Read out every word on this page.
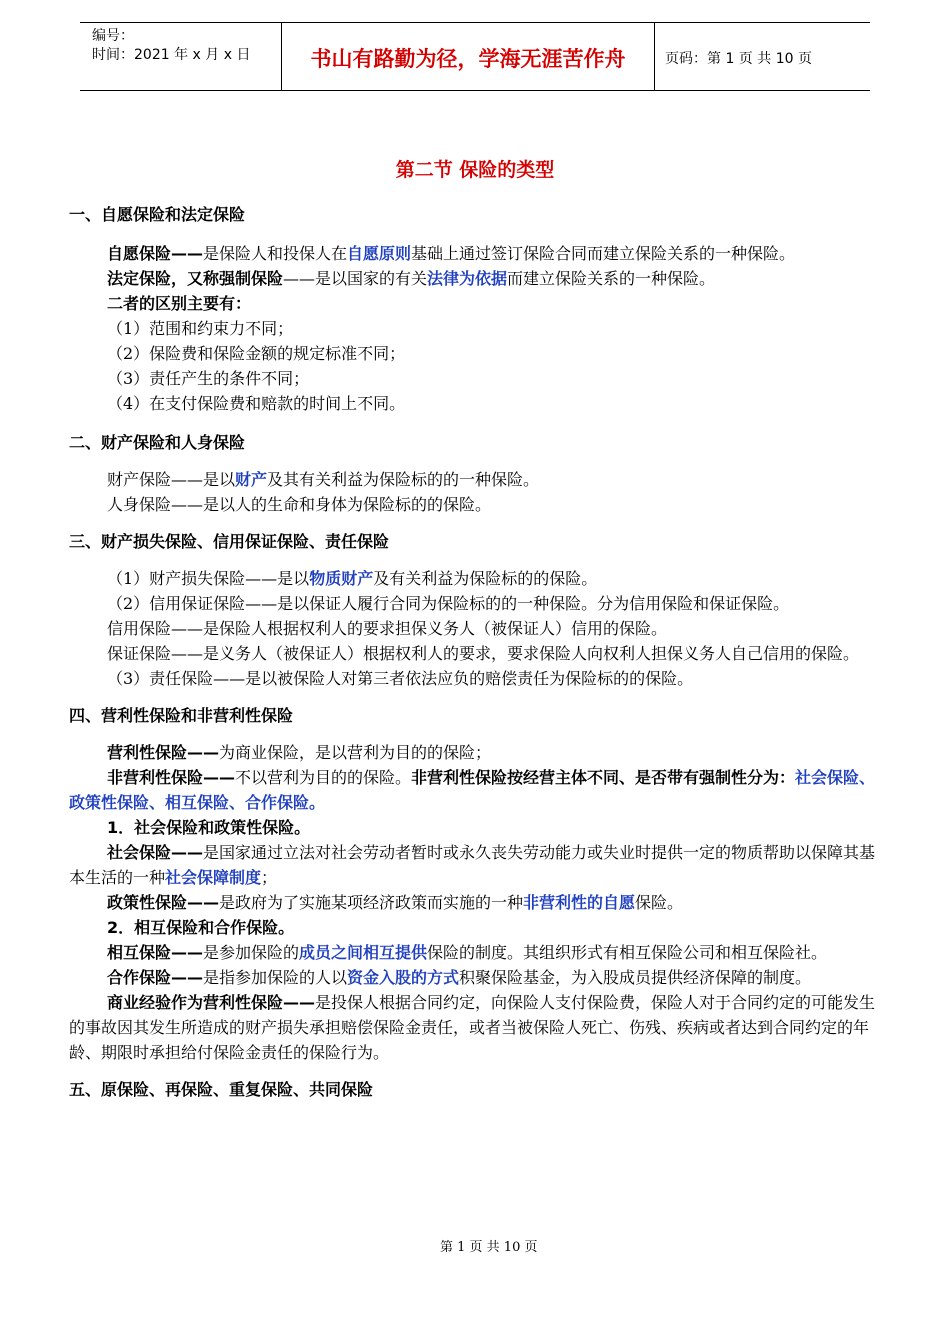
编号：
时间：2021 年 x 月 x 日	书山有路勤为径，学海无涯苦作舟	页码：第 1 页 共 10 页
第二节 保险的类型

一、自愿保险和法定保险

自愿保险——是保险人和投保人在自愿原则基础上通过签订保险合同而建立保险关系的一种保险。

法定保险，又称强制保险——是以国家的有关法律为依据而建立保险关系的一种保险。

二者的区别主要有：

（1）范围和约束力不同；

（2）保险费和保险金额的规定标准不同；

（3）责任产生的条件不同；

（4）在支付保险费和赔款的时间上不同。

二、财产保险和人身保险

财产保险——是以财产及其有关利益为保险标的的一种保险。

人身保险——是以人的生命和身体为保险标的的保险。

三、财产损失保险、信用保证保险、责任保险

（1）财产损失保险——是以物质财产及有关利益为保险标的的保险。

（2）信用保证保险——是以保证人履行合同为保险标的的一种保险。分为信用保险和保证保险。

信用保险——是保险人根据权利人的要求担保义务人（被保证人）信用的保险。

保证保险——是义务人（被保证人）根据权利人的要求，要求保险人向权利人担保义务人自己信用的保险。

（3）责任保险——是以被保险人对第三者依法应负的赔偿责任为保险标的的保险。

四、营利性保险和非营利性保险

营利性保险——为商业保险，是以营利为目的的保险；

非营利性保险——不以营利为目的的保险。非营利性保险按经营主体不同、是否带有强制性分为：社会保险、政策性保险、相互保险、合作保险。

1．社会保险和政策性保险。

社会保险——是国家通过立法对社会劳动者暂时或永久丧失劳动能力或失业时提供一定的物质帮助以保障其基本生活的一种社会保障制度；

政策性保险——是政府为了实施某项经济政策而实施的一种非营利性的自愿保险。

2．相互保险和合作保险。

相互保险——是参加保险的成员之间相互提供保险的制度。其组织形式有相互保险公司和相互保险社。

合作保险——是指参加保险的人以资金入股的方式积聚保险基金，为入股成员提供经济保障的制度。

商业经验作为营利性保险——是投保人根据合同约定，向保险人支付保险费，保险人对于合同约定的可能发生的事故因其发生所造成的财产损失承担赔偿保险金责任，或者当被保险人死亡、伤残、疾病或者达到合同约定的年龄、期限时承担给付保险金责任的保险行为。

五、原保险、再保险、重复保险、共同保险

第 1 页 共 10 页
